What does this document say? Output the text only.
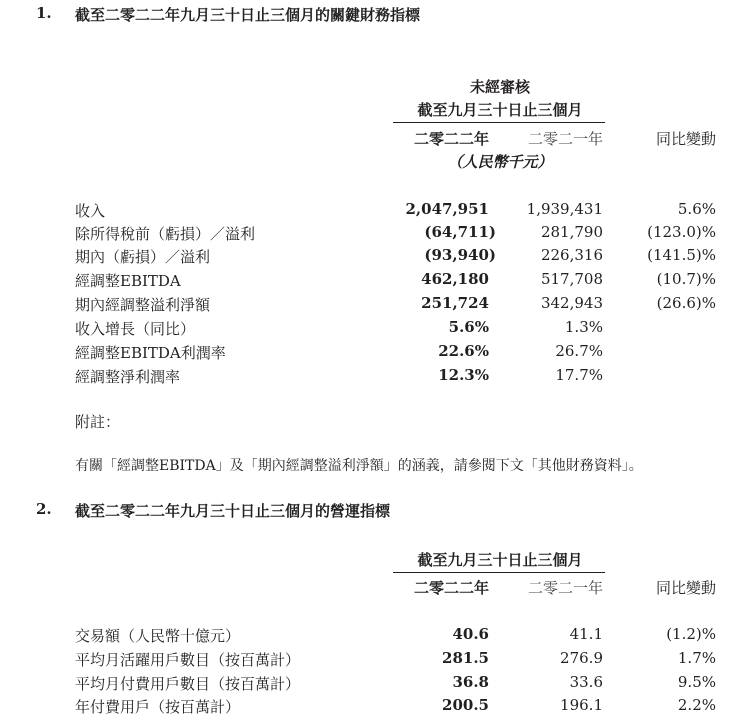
1. 截至二零二二年九月三十日止三個月的關鍵財務指標
未經審核
截至九月三十日止三個月
二零二二年	二零二一年	同比變動
（人民幣千元）
收入	2,047,951	1,939,431	5.6%
除所得稅前（虧損）／溢利	(64,711)	281,790	(123.0)%
期內（虧損）／溢利	(93,940)	226,316	(141.5)%
經調整EBITDA	462,180	517,708	(10.7)%
期內經調整溢利淨額	251,724	342,943	(26.6)%
收入增長（同比）	5.6%	1.3%
經調整EBITDA利潤率	22.6%	26.7%
經調整淨利潤率	12.3%	17.7%
附註：
有關「經調整EBITDA」及「期內經調整溢利淨額」的涵義，請參閱下文「其他財務資料」。
2. 截至二零二二年九月三十日止三個月的營運指標
截至九月三十日止三個月
二零二二年	二零二一年	同比變動
交易額（人民幣十億元）	40.6	41.1	(1.2)%
平均月活躍用戶數目（按百萬計）	281.5	276.9	1.7%
平均月付費用戶數目（按百萬計）	36.8	33.6	9.5%
年付費用戶（按百萬計）	200.5	196.1	2.2%
